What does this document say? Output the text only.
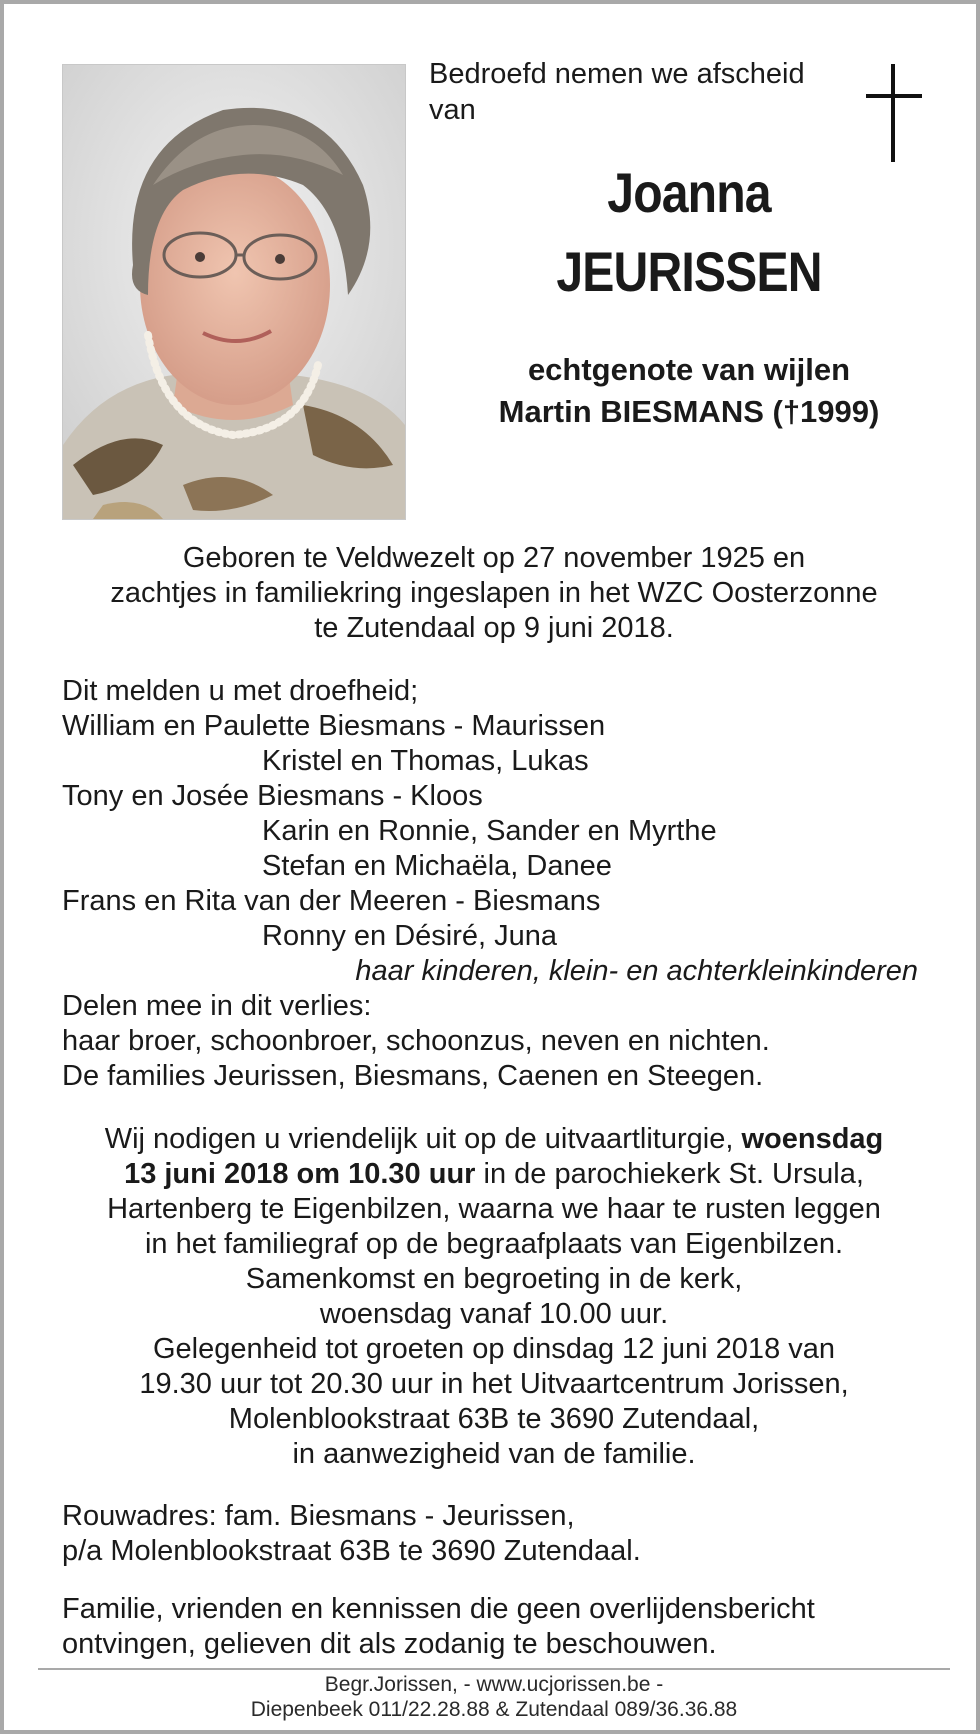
Bedroefd nemen we afscheid
van
Joanna
JEURISSEN
echtgenote van wijlen
Martin BIESMANS (†1999)
Geboren te Veldwezelt op 27 november 1925 en
zachtjes in familiekring ingeslapen in het WZC Oosterzonne
te Zutendaal op 9 juni 2018.
Dit melden u met droefheid;
William en Paulette Biesmans - Maurissen
Kristel en Thomas, Lukas
Tony en Josée Biesmans - Kloos
Karin en Ronnie, Sander en Myrthe
Stefan en Michaëla, Danee
Frans en Rita van der Meeren - Biesmans
Ronny en Désiré, Juna
haar kinderen, klein- en achterkleinkinderen
Delen mee in dit verlies:
haar broer, schoonbroer, schoonzus, neven en nichten.
De families Jeurissen, Biesmans, Caenen en Steegen.
Wij nodigen u vriendelijk uit op de uitvaartliturgie, woensdag
13 juni 2018 om 10.30 uur in de parochiekerk St. Ursula,
Hartenberg te Eigenbilzen, waarna we haar te rusten leggen
in het familiegraf op de begraafplaats van Eigenbilzen.
Samenkomst en begroeting in de kerk,
woensdag vanaf 10.00 uur.
Gelegenheid tot groeten op dinsdag 12 juni 2018 van
19.30 uur tot 20.30 uur in het Uitvaartcentrum Jorissen,
Molenblookstraat 63B te 3690 Zutendaal,
in aanwezigheid van de familie.
Rouwadres: fam. Biesmans - Jeurissen,
p/a Molenblookstraat 63B te 3690 Zutendaal.
Familie, vrienden en kennissen die geen overlijdensbericht
ontvingen, gelieven dit als zodanig te beschouwen.
Begr.Jorissen, - www.ucjorissen.be -
Diepenbeek 011/22.28.88 & Zutendaal 089/36.36.88
